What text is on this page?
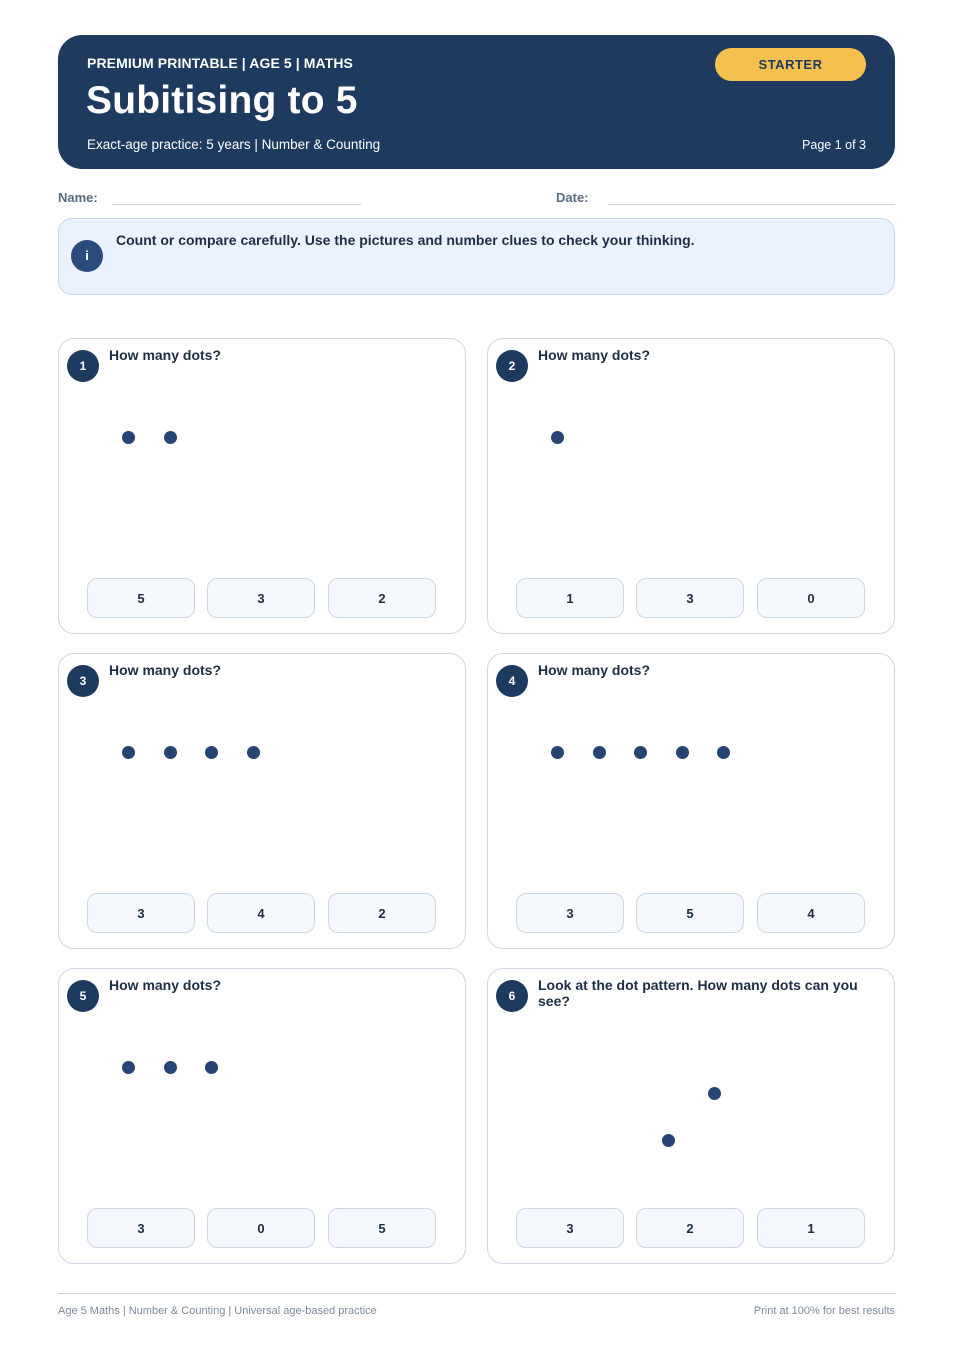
PREMIUM PRINTABLE | AGE 5 | MATHS
Subitising to 5
Exact-age practice: 5 years | Number & Counting
STARTER
Page 1 of 3
Name:	Date:
i
Count or compare carefully. Use the pictures and number clues to check your thinking.
1
How many dots?
5	3	2
2
How many dots?
1	3	0
3
How many dots?
3	4	2
4
How many dots?
3	5	4
5
How many dots?
3	0	5
6
Look at the dot pattern. How many dots can you see?
3	2	1
Age 5 Maths | Number & Counting | Universal age-based practice	Print at 100% for best results
